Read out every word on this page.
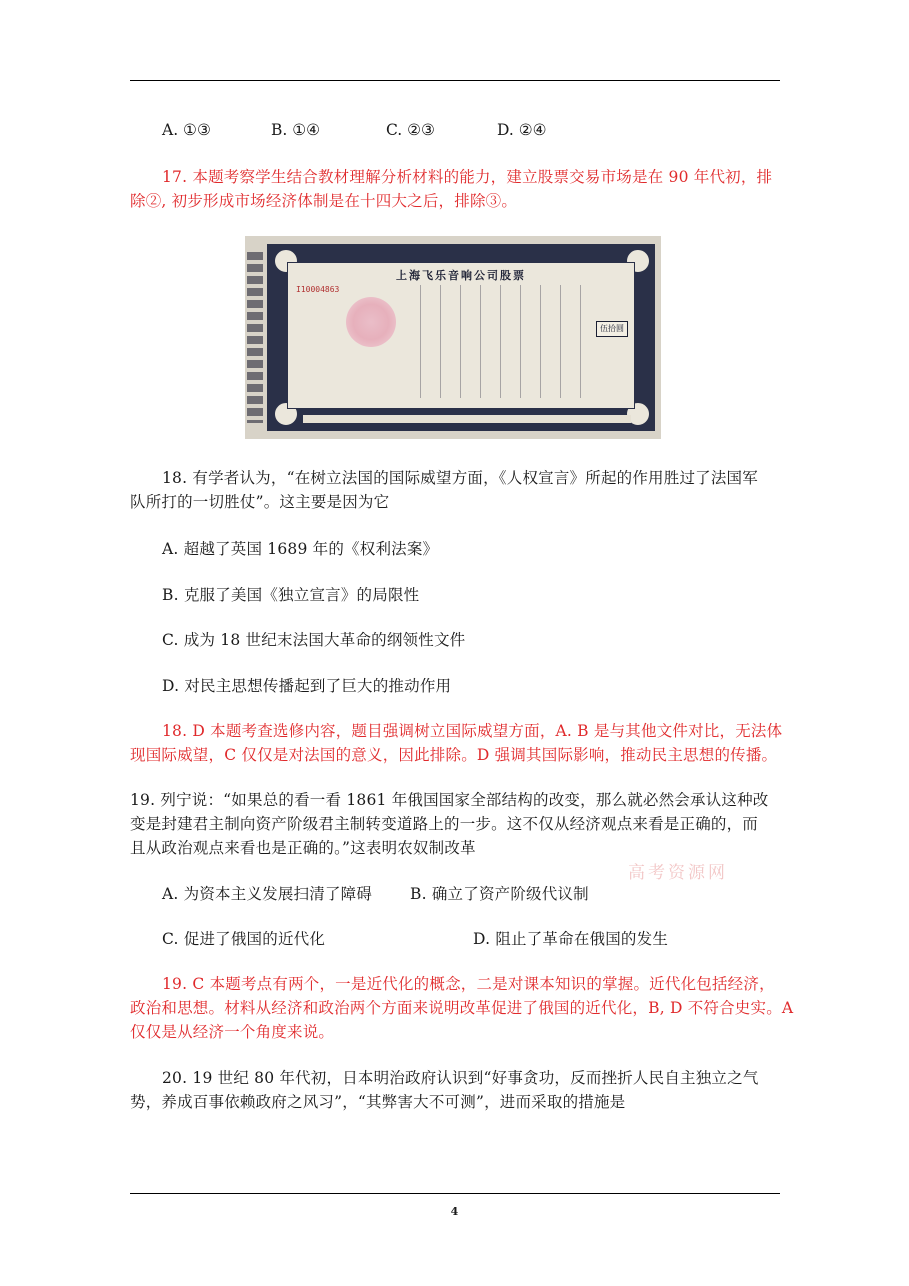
A. ①③	B. ①④	C. ②③	D. ②④
17. 本题考察学生结合教材理解分析材料的能力，建立股票交易市场是在 90 年代初，排
除②, 初步形成市场经济体制是在十四大之后，排除③。
上海飞乐音响公司股票
I10004863
伍拾圆
18. 有学者认为，“在树立法国的国际威望方面，《人权宣言》所起的作用胜过了法国军
队所打的一切胜仗”。这主要是因为它
A. 超越了英国 1689 年的《权利法案》
B. 克服了美国《独立宣言》的局限性
C. 成为 18 世纪末法国大革命的纲领性文件
D. 对民主思想传播起到了巨大的推动作用
18. D 本题考查选修内容，题目强调树立国际威望方面，A. B 是与其他文件对比，无法体
现国际威望，C 仅仅是对法国的意义，因此排除。D 强调其国际影响，推动民主思想的传播。
19. 列宁说：“如果总的看一看 1861 年俄国国家全部结构的改变，那么就必然会承认这种改
变是封建君主制向资产阶级君主制转变道路上的一步。这不仅从经济观点来看是正确的，而
且从政治观点来看也是正确的。”这表明农奴制改革
高考资源网
A. 为资本主义发展扫清了障碍 B. 确立了资产阶级代议制
C. 促进了俄国的近代化	D. 阻止了革命在俄国的发生
19. C 本题考点有两个，一是近代化的概念，二是对课本知识的掌握。近代化包括经济，
政治和思想。材料从经济和政治两个方面来说明改革促进了俄国的近代化，B, D 不符合史实。A
仅仅是从经济一个角度来说。
20. 19 世纪 80 年代初，日本明治政府认识到“好事贪功，反而挫折人民自主独立之气
势，养成百事依赖政府之风习”，“其弊害大不可测”，进而采取的措施是
4
